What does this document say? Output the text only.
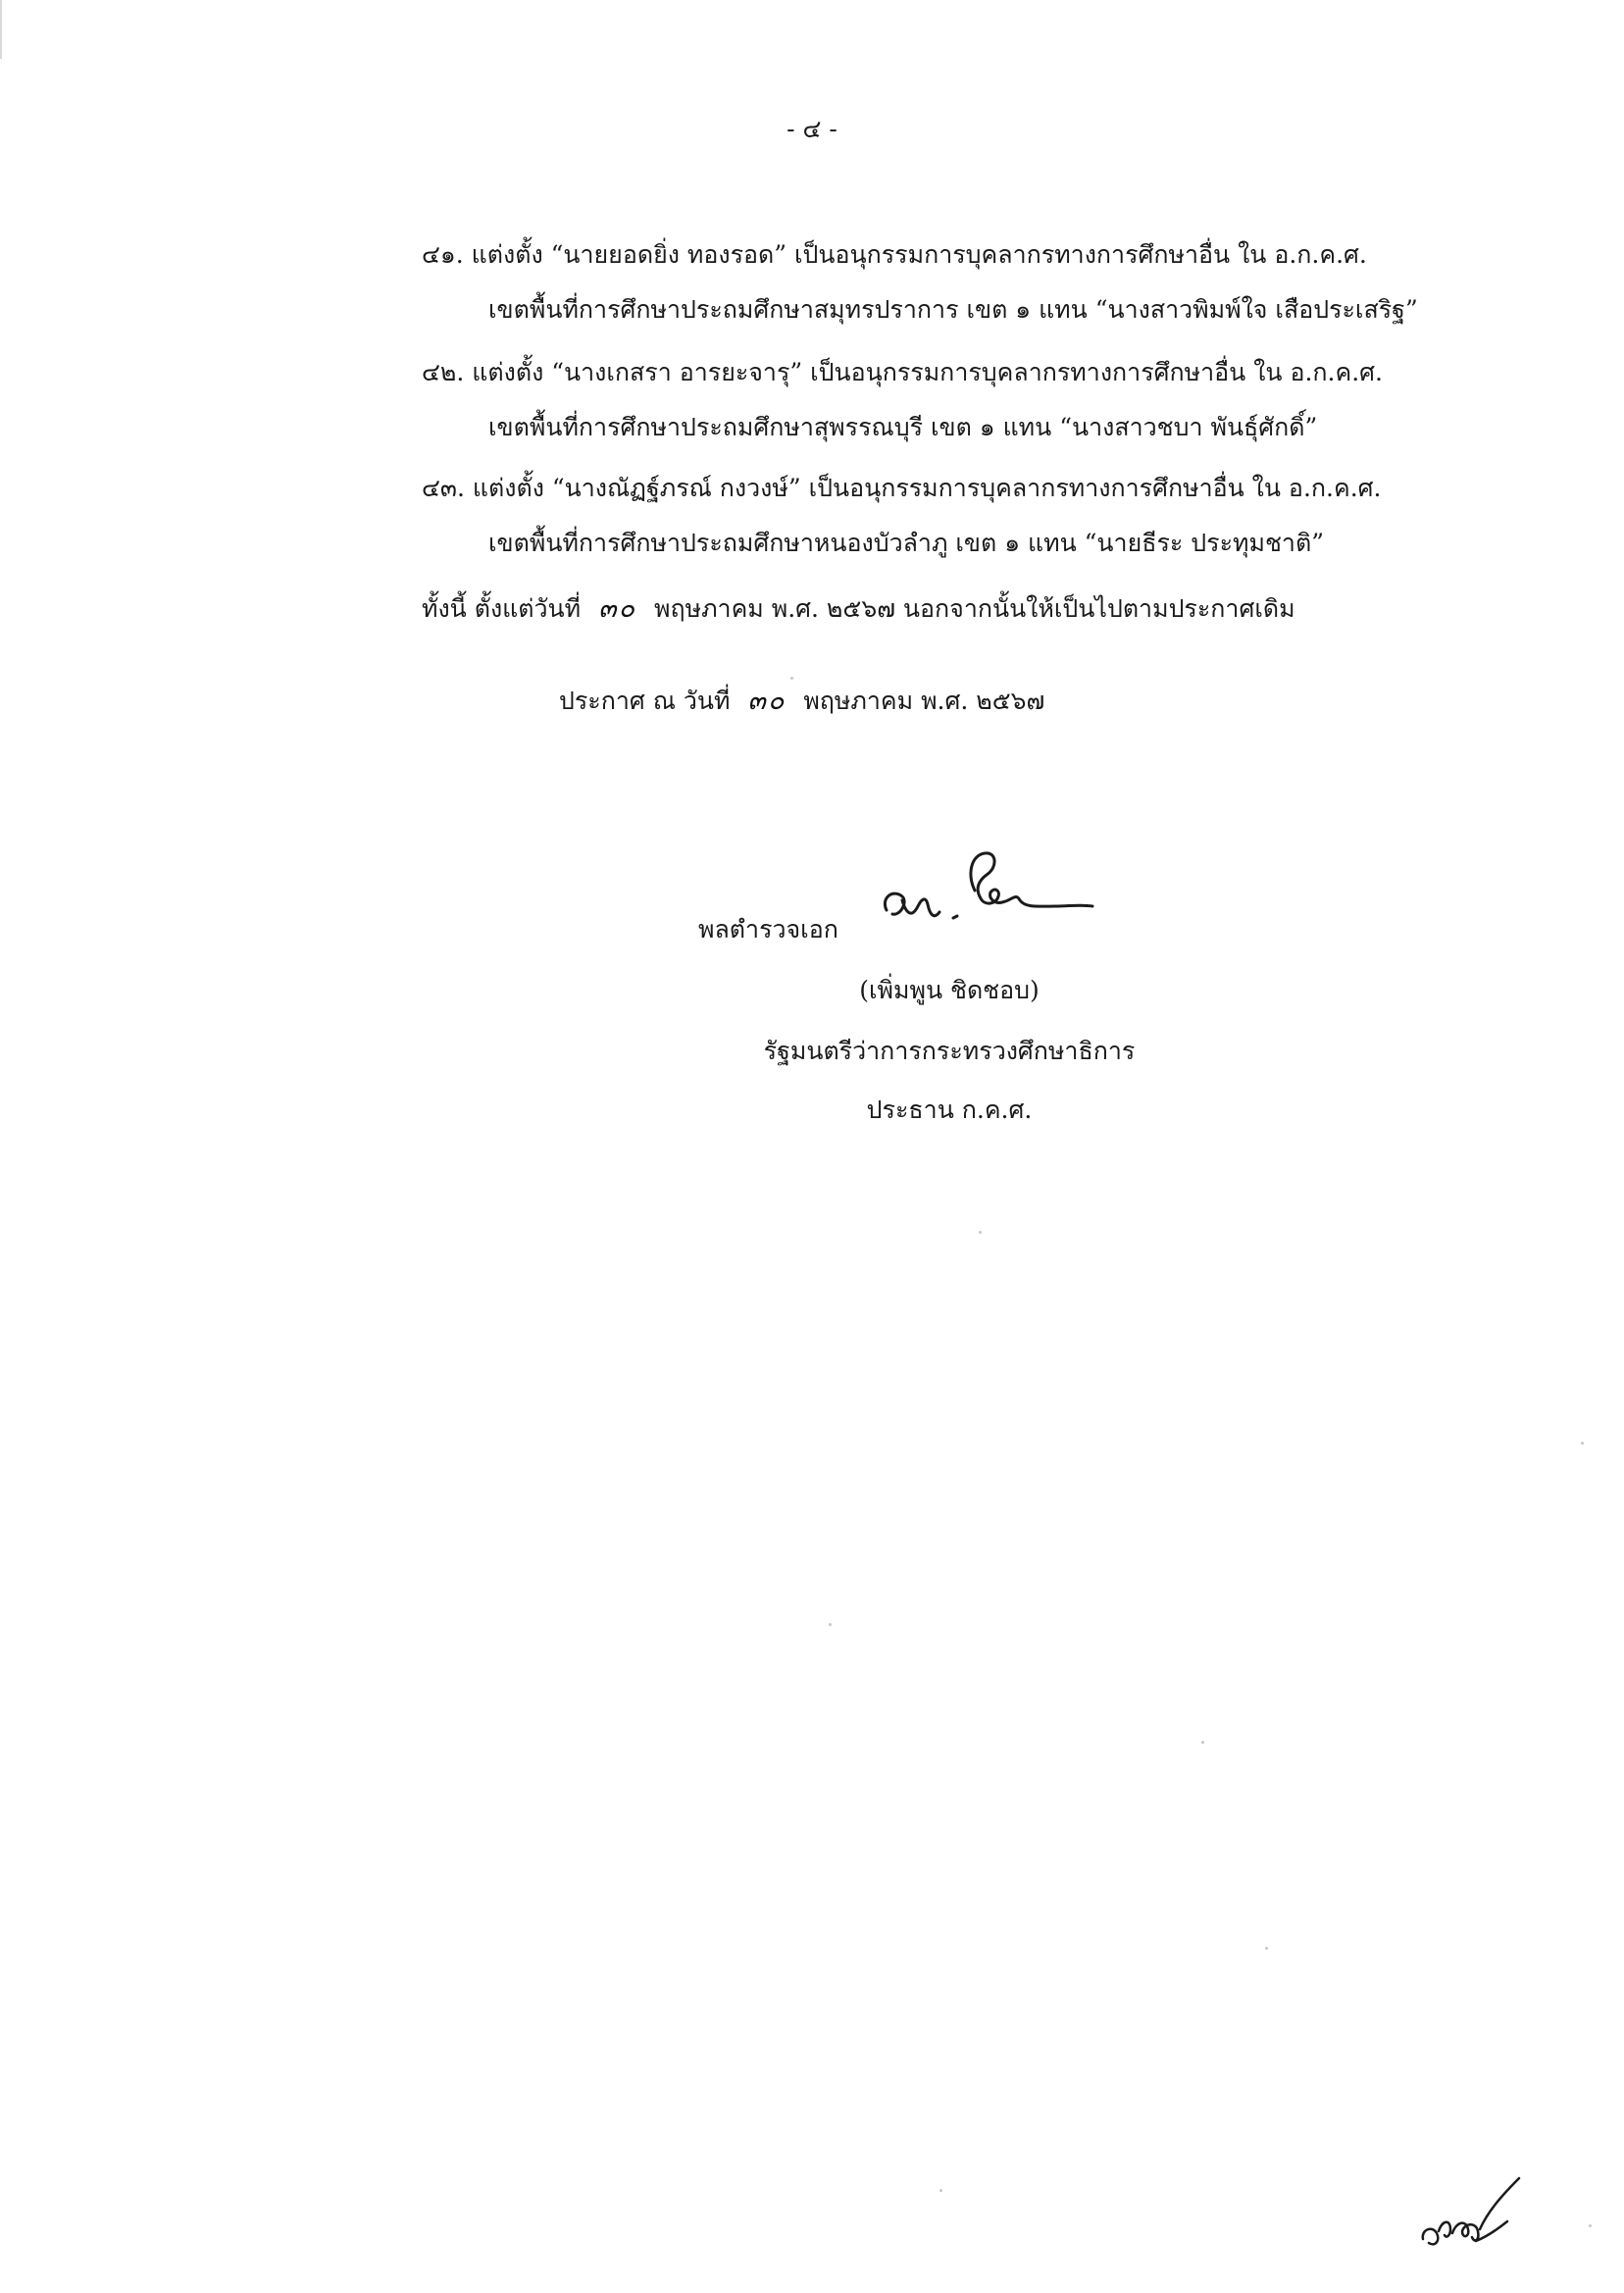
- ๔ -
๔๑. แต่งตั้ง “นายยอดยิ่ง ทองรอด” เป็นอนุกรรมการบุคลากรทางการศึกษาอื่น ใน อ.ก.ค.ศ.
เขตพื้นที่การศึกษาประถมศึกษาสมุทรปราการ เขต ๑ แทน “นางสาวพิมพ์ใจ เสือประเสริฐ”
๔๒. แต่งตั้ง “นางเกสรา อารยะจารุ” เป็นอนุกรรมการบุคลากรทางการศึกษาอื่น ใน อ.ก.ค.ศ.
เขตพื้นที่การศึกษาประถมศึกษาสุพรรณบุรี เขต ๑ แทน “นางสาวชบา พันธุ์ศักดิ์”
๔๓. แต่งตั้ง “นางณัฏฐ์ภรณ์ กงวงษ์” เป็นอนุกรรมการบุคลากรทางการศึกษาอื่น ใน อ.ก.ค.ศ.
เขตพื้นที่การศึกษาประถมศึกษาหนองบัวลำภู เขต ๑ แทน “นายธีระ ประทุมชาติ”
ทั้งนี้ ตั้งแต่วันที่ ๓๐ พฤษภาคม พ.ศ. ๒๕๖๗ นอกจากนั้นให้เป็นไปตามประกาศเดิม
ประกาศ ณ วันที่ ๓๐ พฤษภาคม พ.ศ. ๒๕๖๗
พลตำรวจเอก
(เพิ่มพูน ชิดชอบ)
รัฐมนตรีว่าการกระทรวงศึกษาธิการ
ประธาน ก.ค.ศ.
